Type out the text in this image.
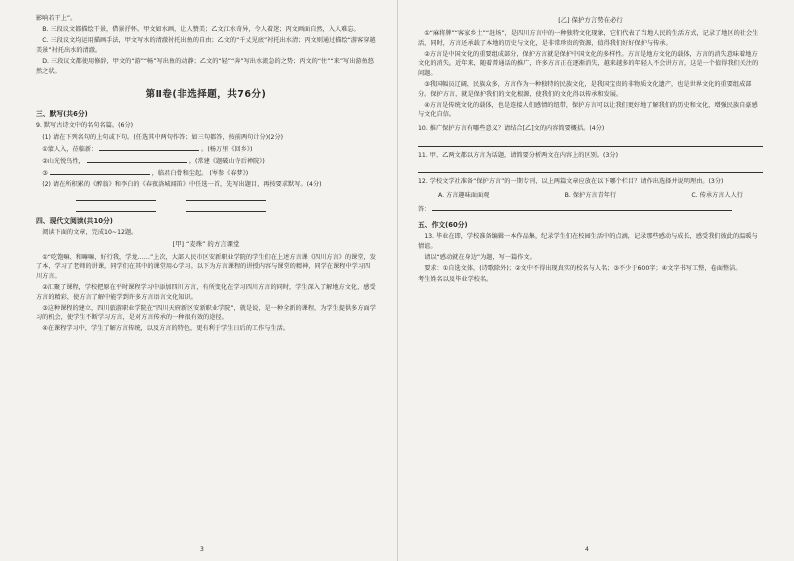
影响若干上”。

B. 三段议文都描绘干景，借景抒怀。甲文如水画，让人赞美；乙文江水奇异，令人着迷；丙文画面自然，入人难忘。

C. 三段议文均运用描画手法，甲文写水的清澈衬托出鱼的自由；乙文的“千丈见底”衬托出水清；丙文则通过描绘“游客穿越美景”衬托出水的清澈。

D. 三段议文都使用修辞，甲文的“游”“畅”写出鱼的动静；乙文的“轻”“奔”写出水流急的之势；丙文的“住”“来”写出游鱼悠然之状。

第Ⅱ卷(非选择题，共76分)
三、默写(共6分)

9. 默写古诗文中的名句名篇。(6分)

(1) 请在下列名句的上句或下句。(任选其中两句作答；如三句都答，按前两句计分)(2分)

①蒙人入，莅临新：	。(杨万里《回乡》)

②山光悦鸟性，	。(常建《题破山寺后禅院》)

③	，临君白骨和尘起。 (岑参《春梦》)

(2) 请在所积累的《醉翁》和李白的《春夜洛城闻笛》中任选一首，先写出题目，再按要求默写。(4分)

四、现代文阅读(共10分)

阅读下面的文章，完成10~12题。

[甲] “麦珠” 的方言课堂

①“吃饱嘛、和嘛嘛，好行我，学龙……”上次，大部人民市区安新职业学院的学生们在上述方言课《四川方言》的课堂，发了本，学习了老师的讲课，同学们在其中的课堂用心学习。以下为方言课程的讲授内容与课堂的精神，同学在课程中学习四川方言。

②汇聚了课程，学校把原在平时课程学习中添加四川方言，有所变化在学习四川方言的同时，学生深入了解地方文化，感受方言的精彩，使方言了解中能学到许多方言语言文化知识。

③这种课程的建立，四川旅游职业学院在“四川天府新区安新职业学院”，就是说，是一种全新的课程，为学生提供多方面学习的机会，使学生不断学习方言，是对方言传承的一种很有效的途径。

④在课程学习中，学生了解方言传统，以及方言的特色，更有利于学生日后的工作与生活。

[乙] 保护方言势在必行

①“麻将牌”“客家乡土”“赶场”，是四川方言中的一种独特文化现象，它们代表了当地人民的生活方式，记录了地区的社会生活，同时，方言还承载了本地的历史与文化，是非常珍贵的资源，值得我们好好保护与传承。

②方言是中国文化的重要组成部分，保护方言就是保护中国文化的多样性。方言是地方文化的载体，方言的消失意味着地方文化的消失。近年来，随着普通话的推广，许多方言正在逐渐消失，越来越多的年轻人不会讲方言，这是一个值得我们关注的问题。

③我国幅员辽阔，民族众多，方言作为一种独特的民族文化，是我国宝贵的非物质文化遗产，也是世界文化的重要组成部分。保护方言，就是保护我们的文化根源，使我们的文化得以传承和发展。

④方言是传统文化的载体，也是连接人们感情的纽带，保护方言可以让我们更好地了解我们的历史和文化，增强民族自豪感与文化自信。

10. 推广保护方言有哪些意义？请结合[乙]文的内容简要概括。(4分)

11. 甲、乙两文都以方言为话题，请简要分析两文在内容上的区别。(3分)

12. 学校文学社准备“保护方言”的一期专刊，以上两篇文章应放在以下哪个栏目？请作出选择并说明理由。(3分)

A. 方言趣味面面观	B. 保护方言青年行	C. 传承方言人人行

答：

五、作文(60分)

13. 毕业在即，学校准备编辑一本作品集，纪录学生们在校园生活中的点滴，记录那些感动与成长，感受我们彼此的温暖与情谊。

请以“感动就在身边”为题，写一篇作文。

要求：①自选文体，(诗歌除外)；②文中不得出现真实的校名与人名；③不少于600字；④文字书写工整，卷面整洁。

考生姓名以及毕业学校名。

3	4
